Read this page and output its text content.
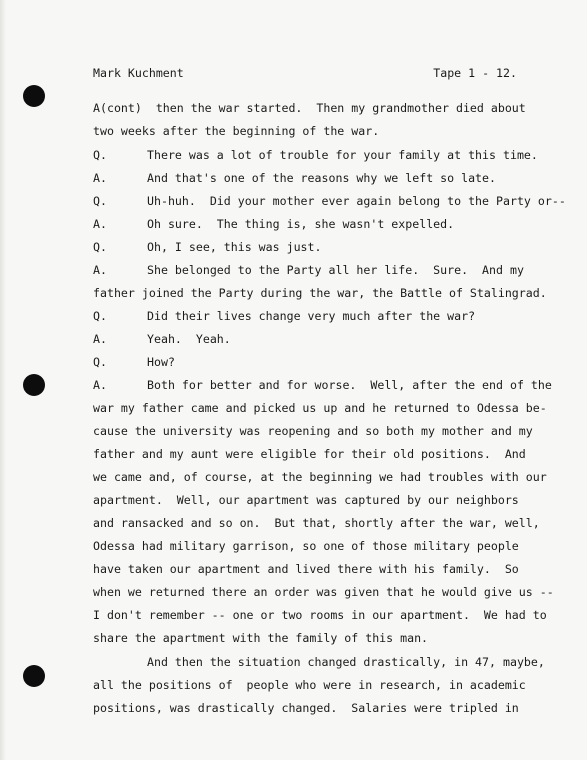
Mark Kuchment	Tape 1 - 12.
A(cont)  then the war started.  Then my grandmother died about
two weeks after the beginning of the war.
Q.	There was a lot of trouble for your family at this time.
A.	And that's one of the reasons why we left so late.
Q.	Uh-huh.  Did your mother ever again belong to the Party or--
A.	Oh sure.  The thing is, she wasn't expelled.
Q.	Oh, I see, this was just.
A.	She belonged to the Party all her life.  Sure.  And my
father joined the Party during the war, the Battle of Stalingrad.
Q.	Did their lives change very much after the war?
A.	Yeah.  Yeah.
Q.	How?
A.	Both for better and for worse.  Well, after the end of the
war my father came and picked us up and he returned to Odessa be-
cause the university was reopening and so both my mother and my
father and my aunt were eligible for their old positions.  And
we came and, of course, at the beginning we had troubles with our
apartment.  Well, our apartment was captured by our neighbors
and ransacked and so on.  But that, shortly after the war, well,
Odessa had military garrison, so one of those military people
have taken our apartment and lived there with his family.  So
when we returned there an order was given that he would give us --
I don't remember -- one or two rooms in our apartment.  We had to
share the apartment with the family of this man.
And then the situation changed drastically, in 47, maybe,
all the positions of  people who were in research, in academic
positions, was drastically changed.  Salaries were tripled in
